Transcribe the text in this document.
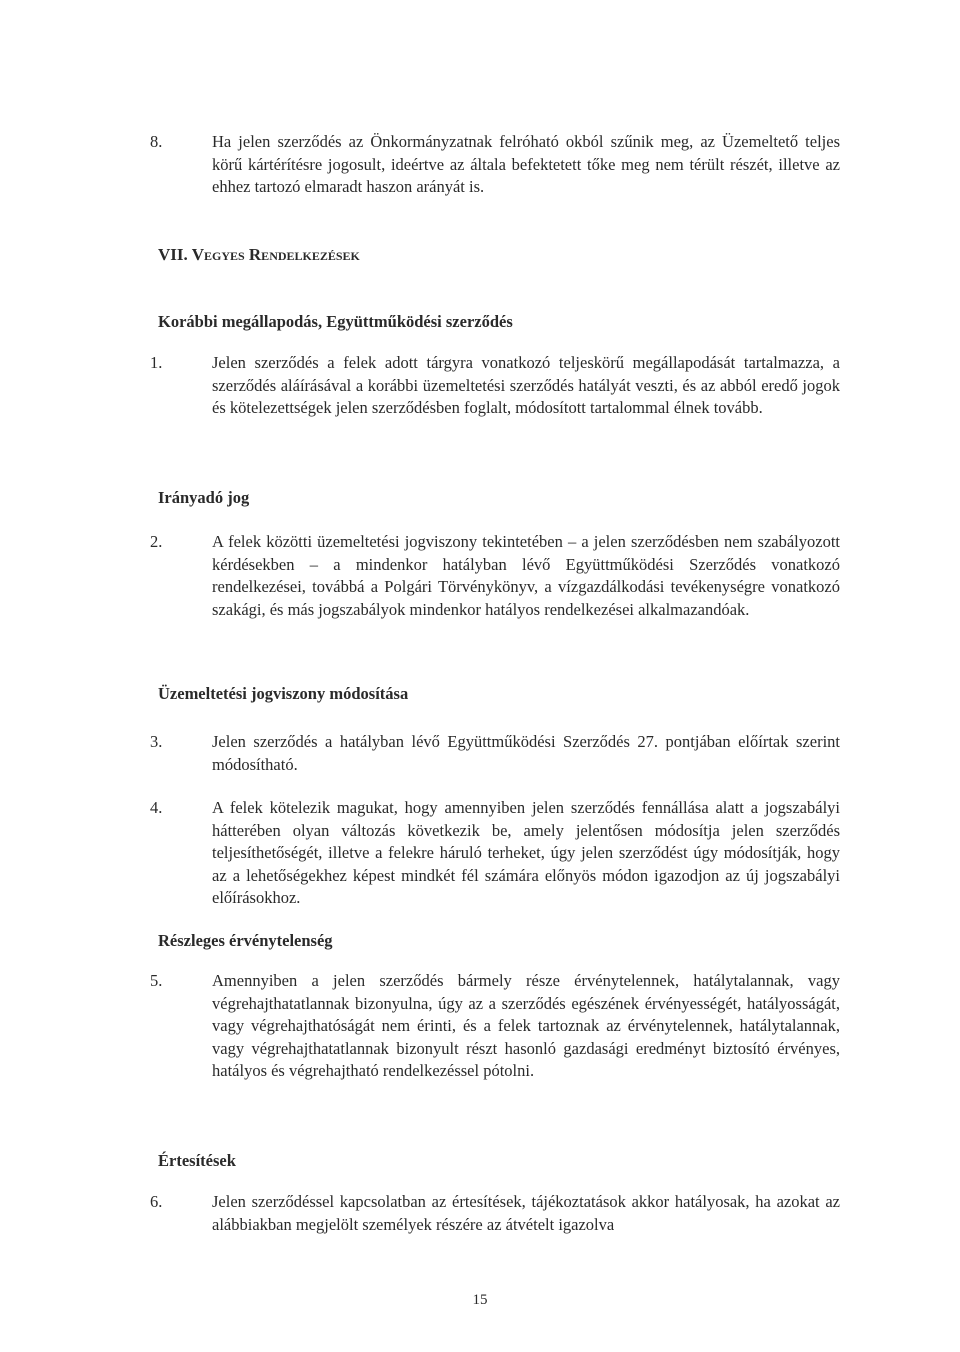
8.	Ha jelen szerződés az Önkormányzatnak felróható okból szűnik meg, az Üzemeltető teljes körű kártérítésre jogosult, ideértve az általa befektetett tőke meg nem térült részét, illetve az ehhez tartozó elmaradt haszon arányát is.
VII. Vegyes Rendelkezések
Korábbi megállapodás, Együttműködési szerződés
1.	Jelen szerződés a felek adott tárgyra vonatkozó teljeskörű megállapodását tartalmazza, a szerződés aláírásával a korábbi üzemeltetési szerződés hatályát veszti, és az abból eredő jogok és kötelezettségek jelen szerződésben foglalt, módosított tartalommal élnek tovább.
Irányadó jog
2.	A felek közötti üzemeltetési jogviszony tekintetében – a jelen szerződésben nem szabályozott kérdésekben – a mindenkor hatályban lévő Együttműködési Szerződés vonatkozó rendelkezései, továbbá a Polgári Törvénykönyv, a vízgazdálkodási tevékenységre vonatkozó szakági, és más jogszabályok mindenkor hatályos rendelkezései alkalmazandóak.
Üzemeltetési jogviszony módosítása
3.	Jelen szerződés a hatályban lévő Együttműködési Szerződés 27. pontjában előírtak szerint módosítható.
4.	A felek kötelezik magukat, hogy amennyiben jelen szerződés fennállása alatt a jogszabályi hátterében olyan változás következik be, amely jelentősen módosítja jelen szerződés teljesíthetőségét, illetve a felekre háruló terheket, úgy jelen szerződést úgy módosítják, hogy az a lehetőségekhez képest mindkét fél számára előnyös módon igazodjon az új jogszabályi előírásokhoz.
Részleges érvénytelenség
5.	Amennyiben a jelen szerződés bármely része érvénytelennek, hatálytalannak, vagy végrehajthatatlannak bizonyulna, úgy az a szerződés egészének érvényességét, hatályosságát, vagy végrehajthatóságát nem érinti, és a felek tartoznak az érvénytelennek, hatálytalannak, vagy végrehajthatatlannak bizonyult részt hasonló gazdasági eredményt biztosító érvényes, hatályos és végrehajtható rendelkezéssel pótolni.
Értesítések
6.	Jelen szerződéssel kapcsolatban az értesítések, tájékoztatások akkor hatályosak, ha azokat az alábbiakban megjelölt személyek részére az átvételt igazolva
15
